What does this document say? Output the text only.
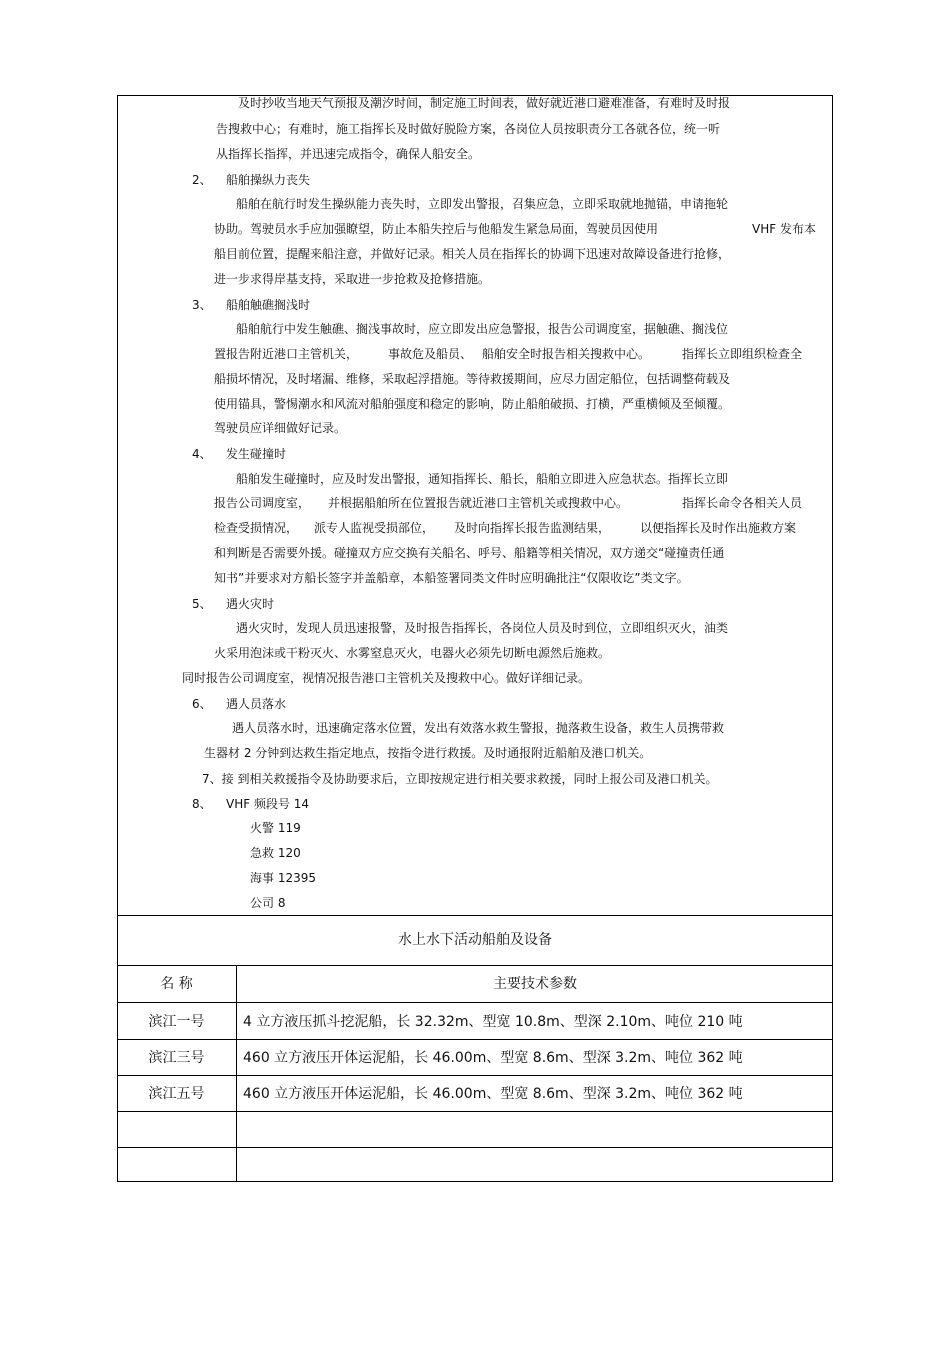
及时抄收当地天气预报及潮汐时间，制定施工时间表，做好就近港口避难准备，有难时及时报
告搜救中心；有难时，施工指挥长及时做好脱险方案，各岗位人员按职责分工各就各位，统一听
从指挥长指挥，并迅速完成指令，确保人船安全。
2、 船舶操纵力丧失
船舶在航行时发生操纵能力丧失时，立即发出警报，召集应急，立即采取就地抛锚，申请拖轮
协助。驾驶员水手应加强瞭望，防止本船失控后与他船发生紧急局面，驾驶员因使用	VHF 发布本
船目前位置，提醒来船注意，并做好记录。相关人员在指挥长的协调下迅速对故障设备进行抢修，
进一步求得岸基支持，采取进一步抢救及抢修措施。
3、 船舶触礁搁浅时
船舶航行中发生触礁、搁浅事故时，应立即发出应急警报，报告公司调度室，据触礁、搁浅位
置报告附近港口主管机关， 事故危及船员、 船舶安全时报告相关搜救中心。	指挥长立即组织检查全
船损坏情况，及时堵漏、维修，采取起浮措施。等待救援期间，应尽力固定船位，包括调整荷载及
使用锚具，警惕潮水和风流对船舶强度和稳定的影响，防止船舶破损、打横，严重横倾及至倾覆。
驾驶员应详细做好记录。
4、 发生碰撞时
船舶发生碰撞时，应及时发出警报，通知指挥长、船长，船舶立即进入应急状态。指挥长立即
报告公司调度室， 并根据船舶所在位置报告就近港口主管机关或搜救中心。	指挥长命令各相关人员
检查受损情况， 派专人监视受损部位， 及时向指挥长报告监测结果， 以便指挥长及时作出施救方案
和判断是否需要外援。碰撞双方应交换有关船名、呼号、船籍等相关情况，双方递交“碰撞责任通
知书”并要求对方船长签字并盖船章，本船签署同类文件时应明确批注“仅限收讫”类文字。
5、 遇火灾时
遇火灾时，发现人员迅速报警，及时报告指挥长，各岗位人员及时到位，立即组织灭火，油类
火采用泡沫或干粉灭火、水雾窒息灭火，电器火必须先切断电源然后施救。
同时报告公司调度室，视情况报告港口主管机关及搜救中心。做好详细记录。
6、 遇人员落水
遇人员落水时，迅速确定落水位置，发出有效落水救生警报，抛落救生设备，救生人员携带救
生器材 2 分钟到达救生指定地点，按指令进行救援。及时通报附近船舶及港口机关。
7、接 到相关救援指令及协助要求后，立即按规定进行相关要求救援，同时上报公司及港口机关。
8、 VHF 频段号 14
火警 119
急救 120
海事 12395
公司 8
水上水下活动船舶及设备
名 称	主要技术参数
滨江一号	4 立方液压抓斗挖泥船，长 32.32m、型宽 10.8m、型深 2.10m、吨位 210 吨
滨江三号	460 立方液压开体运泥船，长 46.00m、型宽 8.6m、型深 3.2m、吨位 362 吨
滨江五号	460 立方液压开体运泥船，长 46.00m、型宽 8.6m、型深 3.2m、吨位 362 吨
